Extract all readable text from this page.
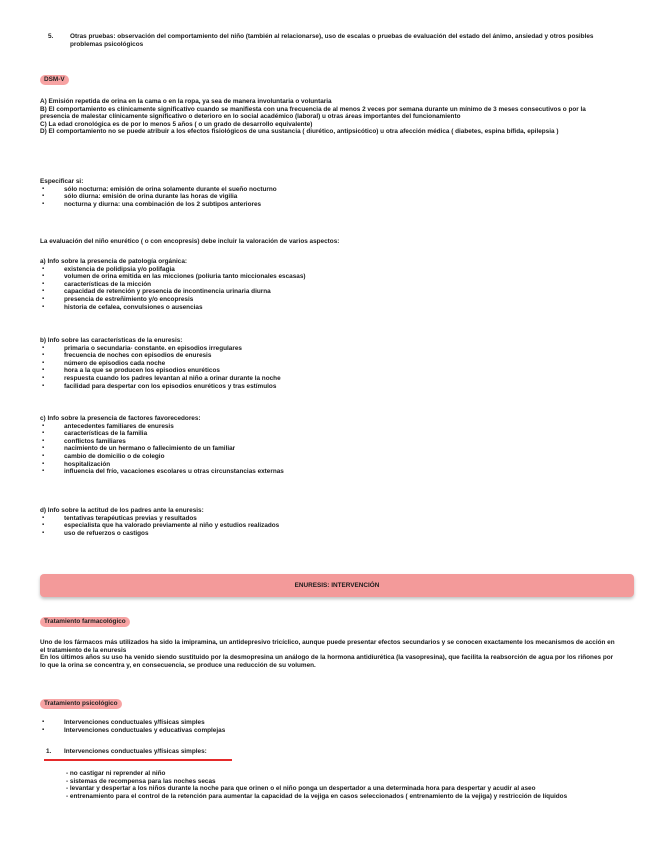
5.	Otras pruebas: observación del comportamiento del niño (también al relacionarse), uso de escalas o pruebas de evaluación del estado del ánimo, ansiedad y otros posibles problemas psicológicos
DSM-V
A) Emisión repetida de orina en la cama o en la ropa, ya sea de manera involuntaria o voluntaria
B) El comportamiento es clínicamente significativo cuando se manifiesta con una frecuencia de al menos 2 veces por semana durante un mínimo de 3 meses consecutivos o por la presencia de malestar clínicamente significativo o deterioro en lo social académico (laboral) u otras áreas importantes del funcionamiento
C) La edad cronológica es de por lo menos 5 años ( o un grado de desarrollo equivalente)
D) El comportamiento no se puede atribuir a los efectos fisiológicos de una sustancia ( diurético, antipsicótico) u otra afección médica ( diabetes, espina bífida, epilepsia )
Especificar si:
▪ sólo nocturna: emisión de orina solamente durante el sueño nocturno
▪ sólo diurna: emisión de orina durante las horas de vigilia
▪ nocturna y diurna: una combinación de los 2 subtipos anteriores
La evaluación del niño enurético ( o con encopresis) debe incluir la valoración de varios aspectos:
a) Info sobre la presencia de patología orgánica:
▪ existencia de polidipsia y/o polifagia
▪ volumen de orina emitida en las micciones (poliuria tanto miccionales escasas)
▪ características de la micción
▪ capacidad de retención y presencia de incontinencia urinaria diurna
▪ presencia de estreñimiento y/o encopresis
▪ historia de cefalea, convulsiones o ausencias
b) Info sobre las características de la enuresis:
▪ primaria o secundaria- constante. en episodios irregulares
▪ frecuencia de noches con episodios de enuresis
▪ número de episodios cada noche
▪ hora a la que se producen los episodios enuréticos
▪ respuesta cuando los padres levantan al niño a orinar durante la noche
▪ facilidad para despertar con los episodios enuréticos y tras estímulos
c) Info sobre la presencia de factores favorecedores:
▪ antecedentes familiares de enuresis
▪ características de la familia
▪ conflictos familiares
▪ nacimiento de un hermano o fallecimiento de un familiar
▪ cambio de domicilio o de colegio
▪ hospitalización
▪ influencia del frío, vacaciones escolares u otras circunstancias externas
d) Info sobre la actitud de los padres ante la enuresis:
▪ tentativas terapéuticas previas y resultados
▪ especialista que ha valorado previamente al niño y estudios realizados
▪ uso de refuerzos o castigos
ENURESIS: INTERVENCIÓN
Tratamiento farmacológico
Uno de los fármacos más utilizados ha sido la imipramina, un antidepresivo tricíclico, aunque puede presentar efectos secundarios y se conocen exactamente los mecanismos de acción en el tratamiento de la enuresis
En los últimos años su uso ha venido siendo sustituido por la desmopresina un análogo de la hormona antidiurética (la vasopresina), que facilita la reabsorción de agua por los riñones por lo que la orina se concentra y, en consecuencia, se produce una reducción de su volumen.
Tratamiento psicológico
▪ Intervenciones conductuales y/físicas simples
▪ Intervenciones conductuales y educativas complejas
1. Intervenciones conductuales y/físicas simples:
- no castigar ni reprender al niño
- sistemas de recompensa para las noches secas
- levantar y despertar a los niños durante la noche para que orinen o el niño ponga un despertador a una determinada hora para despertar y acudir al aseo
- entrenamiento para el control de la retención para aumentar la capacidad de la vejiga en casos seleccionados ( entrenamiento de la vejiga) y restricción de líquidos
